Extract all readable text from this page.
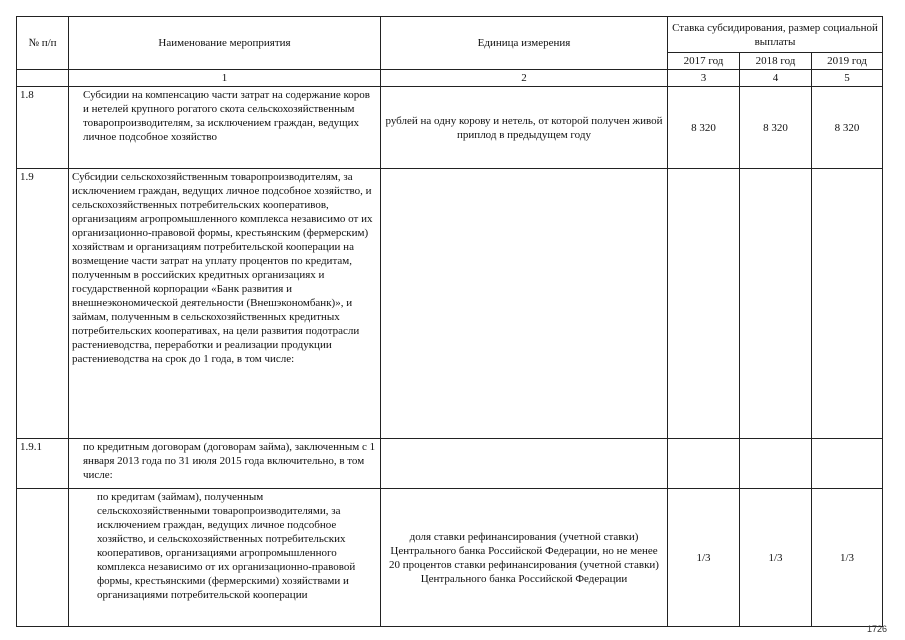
№ п/п	Наименование мероприятия	Единица измерения	Ставка субсидирования, размер социальной выплаты		
			2017 год	2018 год	2019 год
	1	2	3	4	5
1.8	Субсидии на компенсацию части затрат на содержание коров и нетелей крупного рогатого скота сельскохозяйственным товаропроизводителям, за исключением граждан, ведущих личное подсобное хозяйство	рублей на одну корову и нетель, от которой получен живой приплод в предыдущем году	8 320	8 320	8 320
1.9	Субсидии сельскохозяйственным товаропроизводителям, за исключением граждан, ведущих личное подсобное хозяйство, и сельскохозяйственных потребительских кооперативов, организациям агропромышленного комплекса независимо от их организационно-правовой формы, крестьянским (фермерским) хозяйствам и организациям потребительской кооперации на возмещение части затрат на уплату процентов по кредитам, полученным в российских кредитных организациях и государственной корпорации «Банк развития и внешнеэкономической деятельности (Внешэкономбанк)», и займам, полученным в сельскохозяйственных кредитных потребительских кооперативах, на цели развития подотрасли растениеводства, переработки и реализации продукции растениеводства на срок до 1 года, в том числе:				
1.9.1	по кредитным договорам (договорам займа), заключенным с 1 января 2013 года по 31 июля 2015 года включительно, в том числе:				
	по кредитам (займам), полученным сельскохозяйственными товаропроизводителями, за исключением граждан, ведущих личное подсобное хозяйство, и сельскохозяйственных потребительских кооперативов, организациями агропромышленного комплекса независимо от их организационно-правовой формы, крестьянскими (фермерскими) хозяйствами и организациями потребительской кооперации	доля ставки рефинансирования (учетной ставки) Центрального банка Российской Федерации, но не менее 20 процентов ставки рефинансирования (учетной ставки) Центрального банка Российской Федерации	1/3	1/3	1/3
1726
